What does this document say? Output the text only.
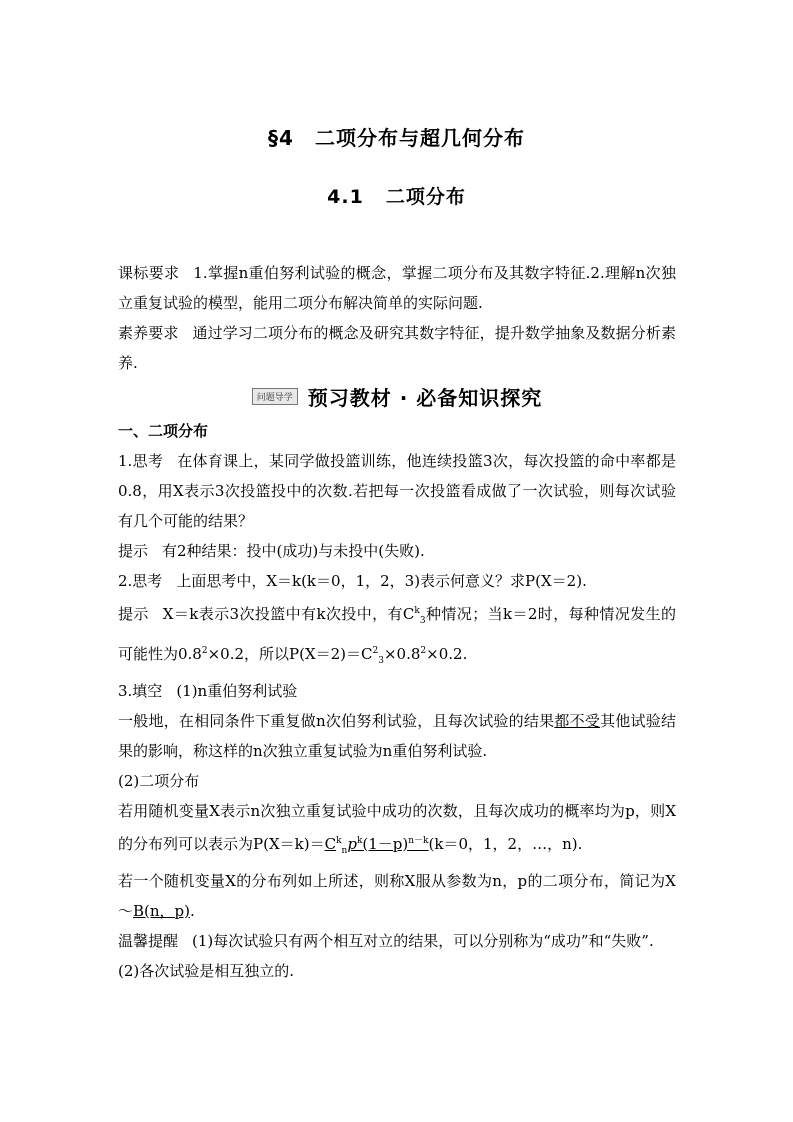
§4　二项分布与超几何分布
4.1 二项分布
课标要求 1.掌握n重伯努利试验的概念，掌握二项分布及其数字特征.2.理解n次独立重复试验的模型，能用二项分布解决简单的实际问题.
素养要求 通过学习二项分布的概念及研究其数字特征，提升数学抽象及数据分析素养.
问题导学 预习教材 · 必备知识探究
一、二项分布
1.思考 在体育课上，某同学做投篮训练，他连续投篮3次，每次投篮的命中率都是0.8，用X表示3次投篮投中的次数.若把每一次投篮看成做了一次试验，则每次试验有几个可能的结果？
提示 有2种结果：投中(成功)与未投中(失败).
2.思考 上面思考中，X＝k(k＝0，1，2，3)表示何意义？求P(X＝2).
提示 X＝k表示3次投篮中有k次投中，有$C^k_3$种情况；当k＝2时，每种情况发生的可能性为$0.8^2\times 0.2$，所以$P(X=2)=C^2_3\times 0.8^2\times 0.2$.
3.填空 (1)n重伯努利试验
一般地，在相同条件下重复做n次伯努利试验，且每次试验的结果都不受其他试验结果的影响，称这样的n次独立重复试验为n重伯努利试验.
(2)二项分布
若用随机变量X表示n次独立重复试验中成功的次数，且每次成功的概率均为p，则X的分布列可以表示为$P(X=k)=C^k_np^k(1-p)^{n-k}(k=0$，1，2，…，n).
若一个随机变量X的分布列如上所述，则称X服从参数为n，p的二项分布，简记为X～B(n，p).
温馨提醒 (1)每次试验只有两个相互对立的结果，可以分别称为“成功”和“失败”.
(2)各次试验是相互独立的.
